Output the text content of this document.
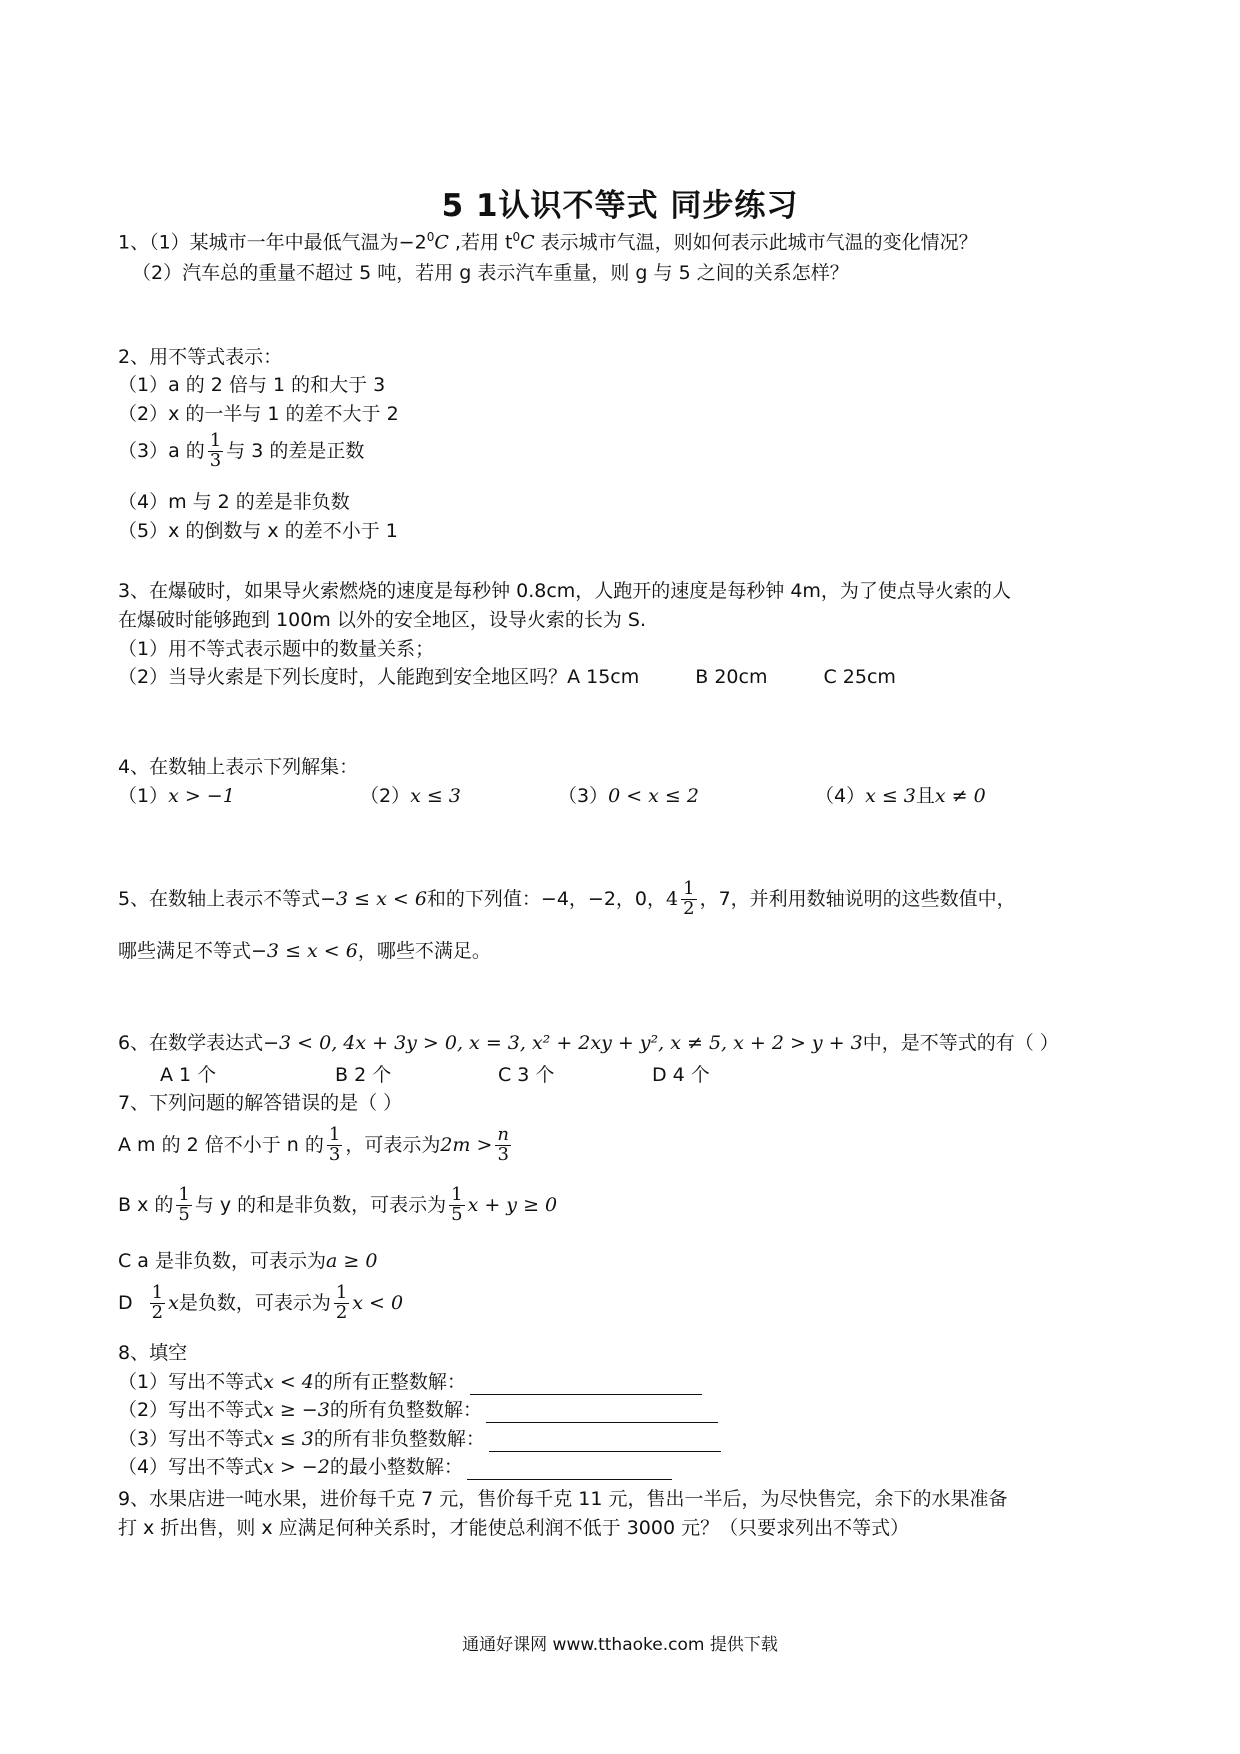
5 1认识不等式 同步练习
1、（1）某城市一年中最低气温为$-2^0C$ ,若用 $t^0C$ 表示城市气温，则如何表示此城市气温的变化情况？
（2）汽车总的重量不超过 5 吨，若用 g 表示汽车重量，则 g 与 5 之间的关系怎样？
2、用不等式表示：
（1）a 的 2 倍与 1 的和大于 3
（2）x 的一半与 1 的差不大于 2
（3）a 的 $\frac{1}{3}$ 与 3 的差是正数
（4）m 与 2 的差是非负数
（5）x 的倒数与 x 的差不小于 1
3、在爆破时，如果导火索燃烧的速度是每秒钟 0.8cm，人跑开的速度是每秒钟 4m，为了使点导火索的人
在爆破时能够跑到 100m 以外的安全地区，设导火索的长为 S.
（1）用不等式表示题中的数量关系；
（2）当导火索是下列长度时，人能跑到安全地区吗？A 15cm	B 20cm	C 25cm
4、在数轴上表示下列解集：
（1）x > −1	（2）x ≤ 3	（3）0 < x ≤ 2	（4）x ≤ 3且x ≠ 0
5、在数轴上表示不等式−3 ≤ x < 6和的下列值：−4，−2，0， $4 \frac{1}{2}$ ，7，并利用数轴说明的这些数值中，
哪些满足不等式−3 ≤ x < 6，哪些不满足。
6、在数学表达式−3 < 0, 4x + 3y > 0, x = 3, x² + 2xy + y², x ≠ 5, x + 2 > y + 3中，是不等式的有（ ）
A 1 个	B 2 个	C 3 个	D 4 个
7、下列问题的解答错误的是（ ）
A m 的 2 倍不小于 n 的 $\frac{1}{3}$ ，可表示为$2m > \frac{n}{3}$
B x 的 $\frac{1}{5}$ 与 y 的和是非负数，可表示为 $\frac{1}{5}$ x + y ≥ 0
C a 是非负数，可表示为a ≥ 0
D $\frac{1}{2}$ x是负数，可表示为 $\frac{1}{2}$ x < 0
8、填空
（1）写出不等式x < 4的所有正整数解：
（2）写出不等式x ≥ −3的所有负整数解：
（3）写出不等式x ≤ 3的所有非负整数解：
（4）写出不等式x > −2的最小整数解：
9、水果店进一吨水果，进价每千克 7 元，售价每千克 11 元，售出一半后，为尽快售完，余下的水果准备
打 x 折出售，则 x 应满足何种关系时，才能使总利润不低于 3000 元？（只要求列出不等式）
通通好课网 www.tthaoke.com 提供下载
